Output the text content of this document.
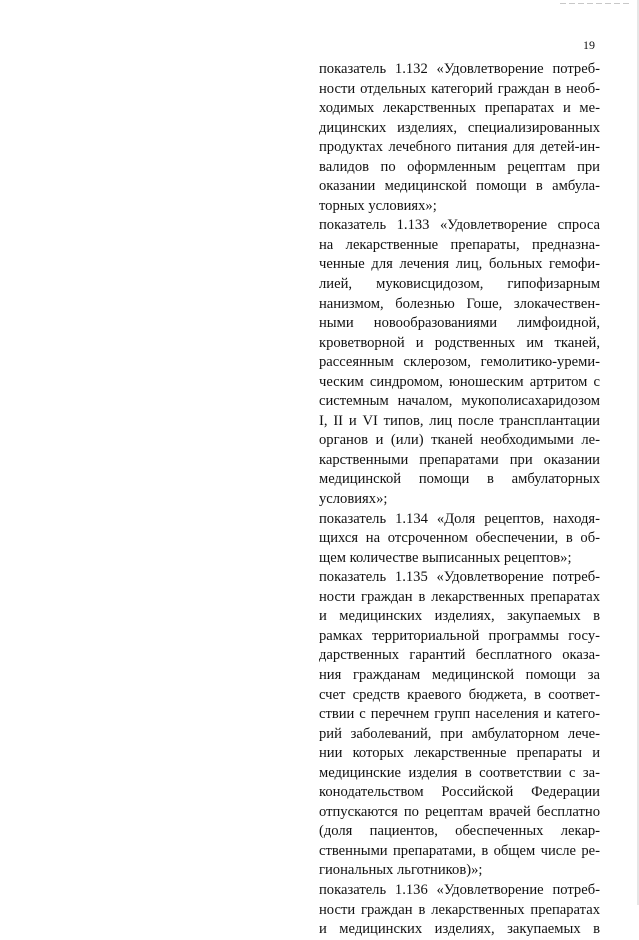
19
показатель 1.132 «Удовлетворение потреб-
ности отдельных категорий граждан в необ-
ходимых лекарственных препаратах и ме-
дицинских изделиях, специализированных
продуктах лечебного питания для детей-ин-
валидов по оформленным рецептам при
оказании медицинской помощи в амбула-
торных условиях»;
показатель 1.133 «Удовлетворение спроса
на лекарственные препараты, предназна-
ченные для лечения лиц, больных гемофи-
лией, муковисцидозом, гипофизарным
нанизмом, болезнью Гоше, злокачествен-
ными новообразованиями лимфоидной,
кроветворной и родственных им тканей,
рассеянным склерозом, гемолитико-уреми-
ческим синдромом, юношеским артритом с
системным началом, мукополисахаридозом
I, II и VI типов, лиц после трансплантации
органов и (или) тканей необходимыми ле-
карственными препаратами при оказании
медицинской помощи в амбулаторных
условиях»;
показатель 1.134 «Доля рецептов, находя-
щихся на отсроченном обеспечении, в об-
щем количестве выписанных рецептов»;
показатель 1.135 «Удовлетворение потреб-
ности граждан в лекарственных препаратах
и медицинских изделиях, закупаемых в
рамках территориальной программы госу-
дарственных гарантий бесплатного оказа-
ния гражданам медицинской помощи за
счет средств краевого бюджета, в соответ-
ствии с перечнем групп населения и катего-
рий заболеваний, при амбулаторном лече-
нии которых лекарственные препараты и
медицинские изделия в соответствии с за-
конодательством Российской Федерации
отпускаются по рецептам врачей бесплатно
(доля пациентов, обеспеченных лекар-
ственными препаратами, в общем числе ре-
гиональных льготников)»;
показатель 1.136 «Удовлетворение потреб-
ности граждан в лекарственных препаратах
и медицинских изделиях, закупаемых в
